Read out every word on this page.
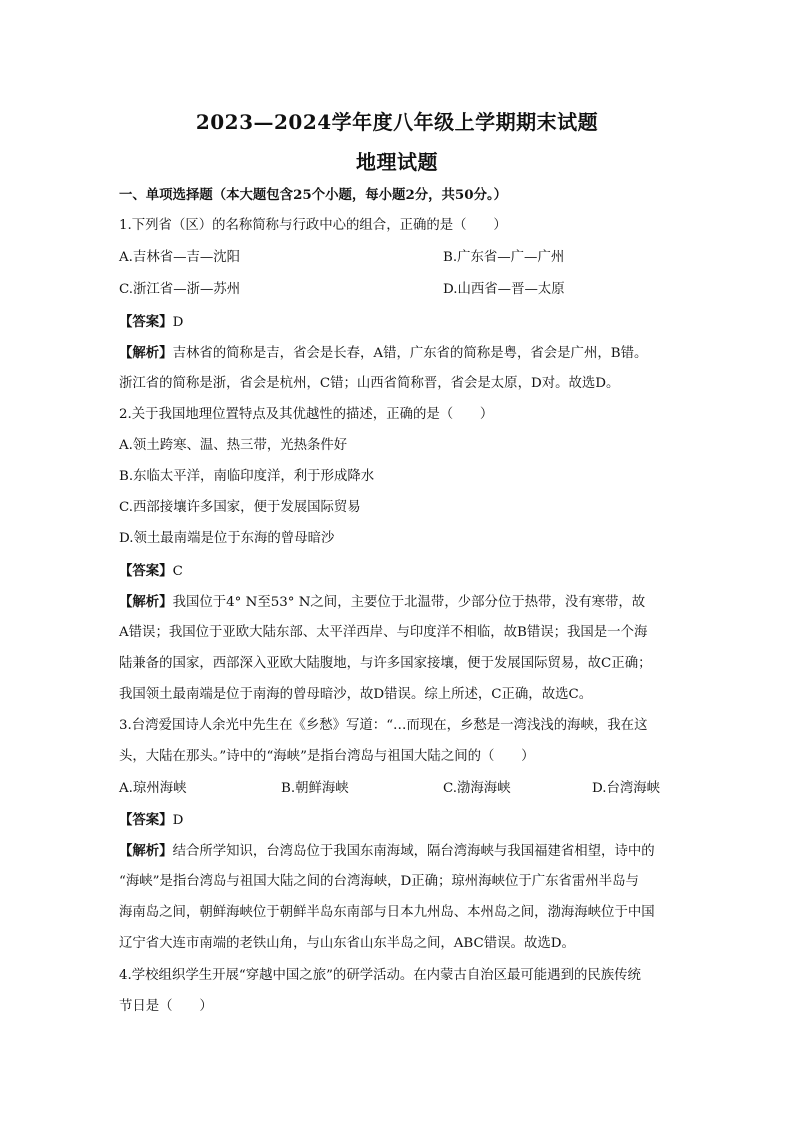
2023—2024学年度八年级上学期期末试题
地理试题
一、单项选择题（本大题包含25个小题，每小题2分，共50分。）
1.下列省（区）的名称简称与行政中心的组合，正确的是（　　）
A.吉林省—吉—沈阳	B.广东省—广—广州
C.浙江省—浙—苏州	D.山西省—晋—太原
【答案】D
【解析】吉林省的简称是吉，省会是长春，A错，广东省的简称是粤，省会是广州，B错。
浙江省的简称是浙，省会是杭州，C错；山西省简称晋，省会是太原，D对。故选D。
2.关于我国地理位置特点及其优越性的描述，正确的是（　　）
A.领土跨寒、温、热三带，光热条件好
B.东临太平洋，南临印度洋，利于形成降水
C.西部接壤许多国家，便于发展国际贸易
D.领土最南端是位于东海的曾母暗沙
【答案】C
【解析】我国位于4° N至53° N之间，主要位于北温带，少部分位于热带，没有寒带，故
A错误；我国位于亚欧大陆东部、太平洋西岸、与印度洋不相临，故B错误；我国是一个海
陆兼备的国家，西部深入亚欧大陆腹地，与许多国家接壤，便于发展国际贸易，故C正确；
我国领土最南端是位于南海的曾母暗沙，故D错误。综上所述，C正确，故选C。
3.台湾爱国诗人余光中先生在《乡愁》写道：“…而现在，乡愁是一湾浅浅的海峡，我在这
头，大陆在那头。”诗中的“海峡”是指台湾岛与祖国大陆之间的（　　）
A.琼州海峡	B.朝鲜海峡	C.渤海海峡	D.台湾海峡
【答案】D
【解析】结合所学知识，台湾岛位于我国东南海域，隔台湾海峡与我国福建省相望，诗中的
“海峡”是指台湾岛与祖国大陆之间的台湾海峡，D正确；琼州海峡位于广东省雷州半岛与
海南岛之间，朝鲜海峡位于朝鲜半岛东南部与日本九州岛、本州岛之间，渤海海峡位于中国
辽宁省大连市南端的老铁山角，与山东省山东半岛之间，ABC错误。故选D。
4.学校组织学生开展“穿越中国之旅”的研学活动。在内蒙古自治区最可能遇到的民族传统
节日是（　　）
